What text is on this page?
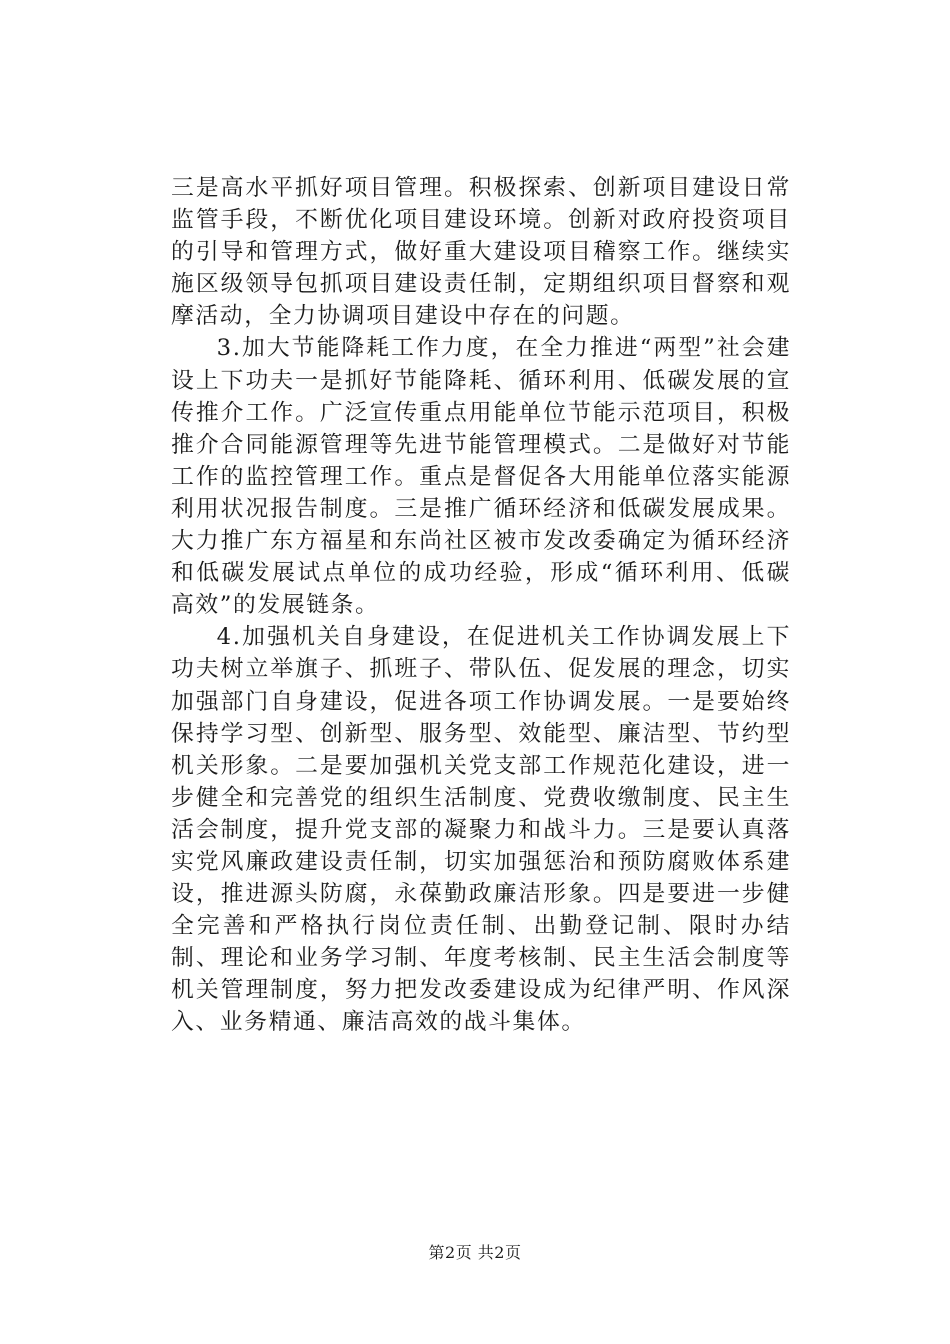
三是高水平抓好项目管理。积极探索、创新项目建设日常监管手段，不断优化项目建设环境。创新对政府投资项目的引导和管理方式，做好重大建设项目稽察工作。继续实施区级领导包抓项目建设责任制，定期组织项目督察和观摩活动，全力协调项目建设中存在的问题。

3.加大节能降耗工作力度，在全力推进“两型”社会建设上下功夫一是抓好节能降耗、循环利用、低碳发展的宣传推介工作。广泛宣传重点用能单位节能示范项目，积极推介合同能源管理等先进节能管理模式。二是做好对节能工作的监控管理工作。重点是督促各大用能单位落实能源利用状况报告制度。三是推广循环经济和低碳发展成果。大力推广东方福星和东尚社区被市发改委确定为循环经济和低碳发展试点单位的成功经验，形成“循环利用、低碳高效”的发展链条。

4.加强机关自身建设，在促进机关工作协调发展上下功夫树立举旗子、抓班子、带队伍、促发展的理念，切实加强部门自身建设，促进各项工作协调发展。一是要始终保持学习型、创新型、服务型、效能型、廉洁型、节约型机关形象。二是要加强机关党支部工作规范化建设，进一步健全和完善党的组织生活制度、党费收缴制度、民主生活会制度，提升党支部的凝聚力和战斗力。三是要认真落实党风廉政建设责任制，切实加强惩治和预防腐败体系建设，推进源头防腐，永葆勤政廉洁形象。四是要进一步健全完善和严格执行岗位责任制、出勤登记制、限时办结制、理论和业务学习制、年度考核制、民主生活会制度等机关管理制度，努力把发改委建设成为纪律严明、作风深入、业务精通、廉洁高效的战斗集体。

第2页 共2页
